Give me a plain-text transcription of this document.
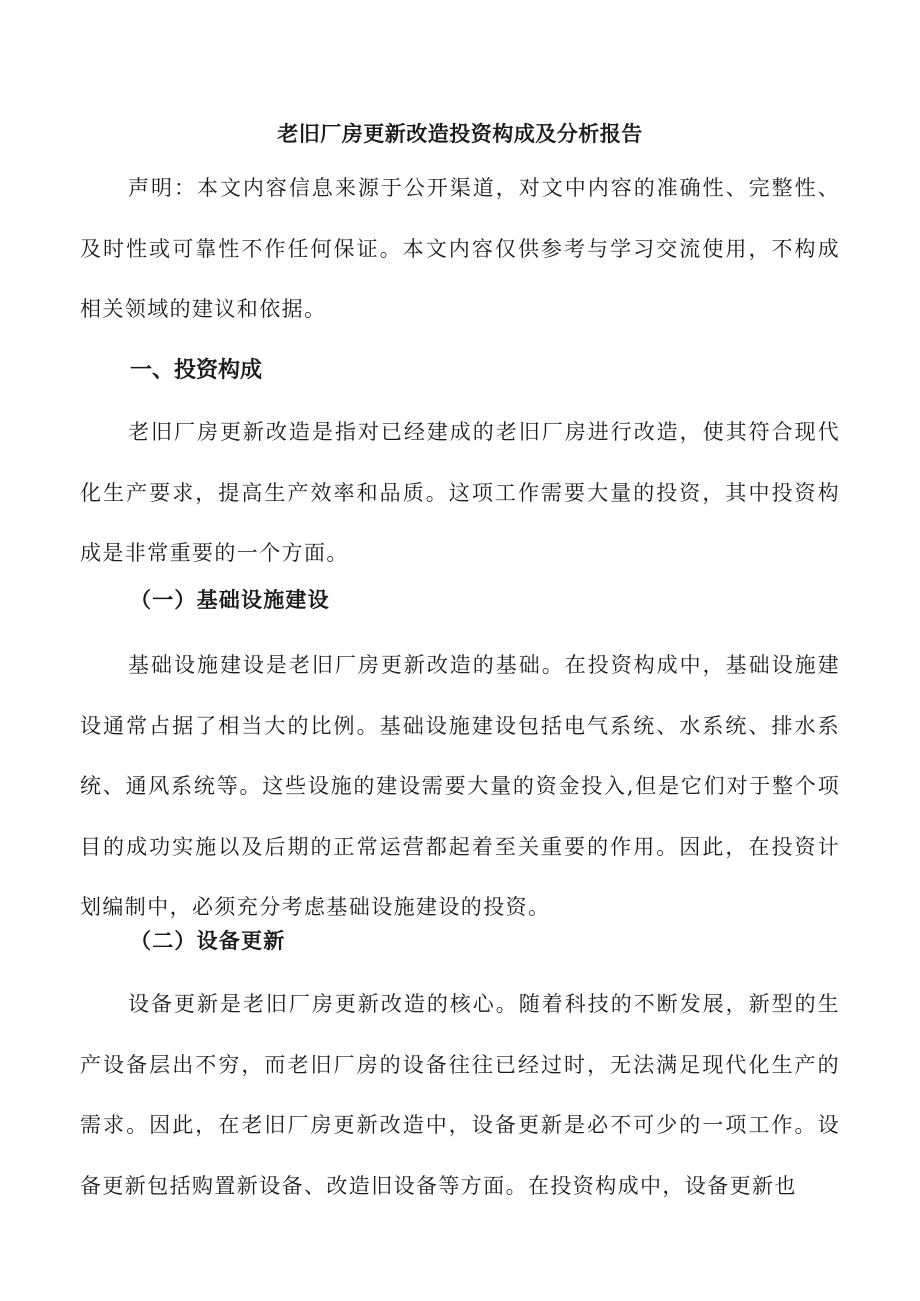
老旧厂房更新改造投资构成及分析报告

声明：本文内容信息来源于公开渠道，对文中内容的准确性、完整性、及时性或可靠性不作任何保证。本文内容仅供参考与学习交流使用，不构成相关领域的建议和依据。

一、投资构成

老旧厂房更新改造是指对已经建成的老旧厂房进行改造，使其符合现代化生产要求，提高生产效率和品质。这项工作需要大量的投资，其中投资构成是非常重要的一个方面。

（一）基础设施建设

基础设施建设是老旧厂房更新改造的基础。在投资构成中，基础设施建设通常占据了相当大的比例。基础设施建设包括电气系统、水系统、排水系统、通风系统等。这些设施的建设需要大量的资金投入,但是它们对于整个项目的成功实施以及后期的正常运营都起着至关重要的作用。因此，在投资计划编制中，必须充分考虑基础设施建设的投资。

（二）设备更新

设备更新是老旧厂房更新改造的核心。随着科技的不断发展，新型的生产设备层出不穷，而老旧厂房的设备往往已经过时，无法满足现代化生产的需求。因此，在老旧厂房更新改造中，设备更新是必不可少的一项工作。设备更新包括购置新设备、改造旧设备等方面。在投资构成中，设备更新也
